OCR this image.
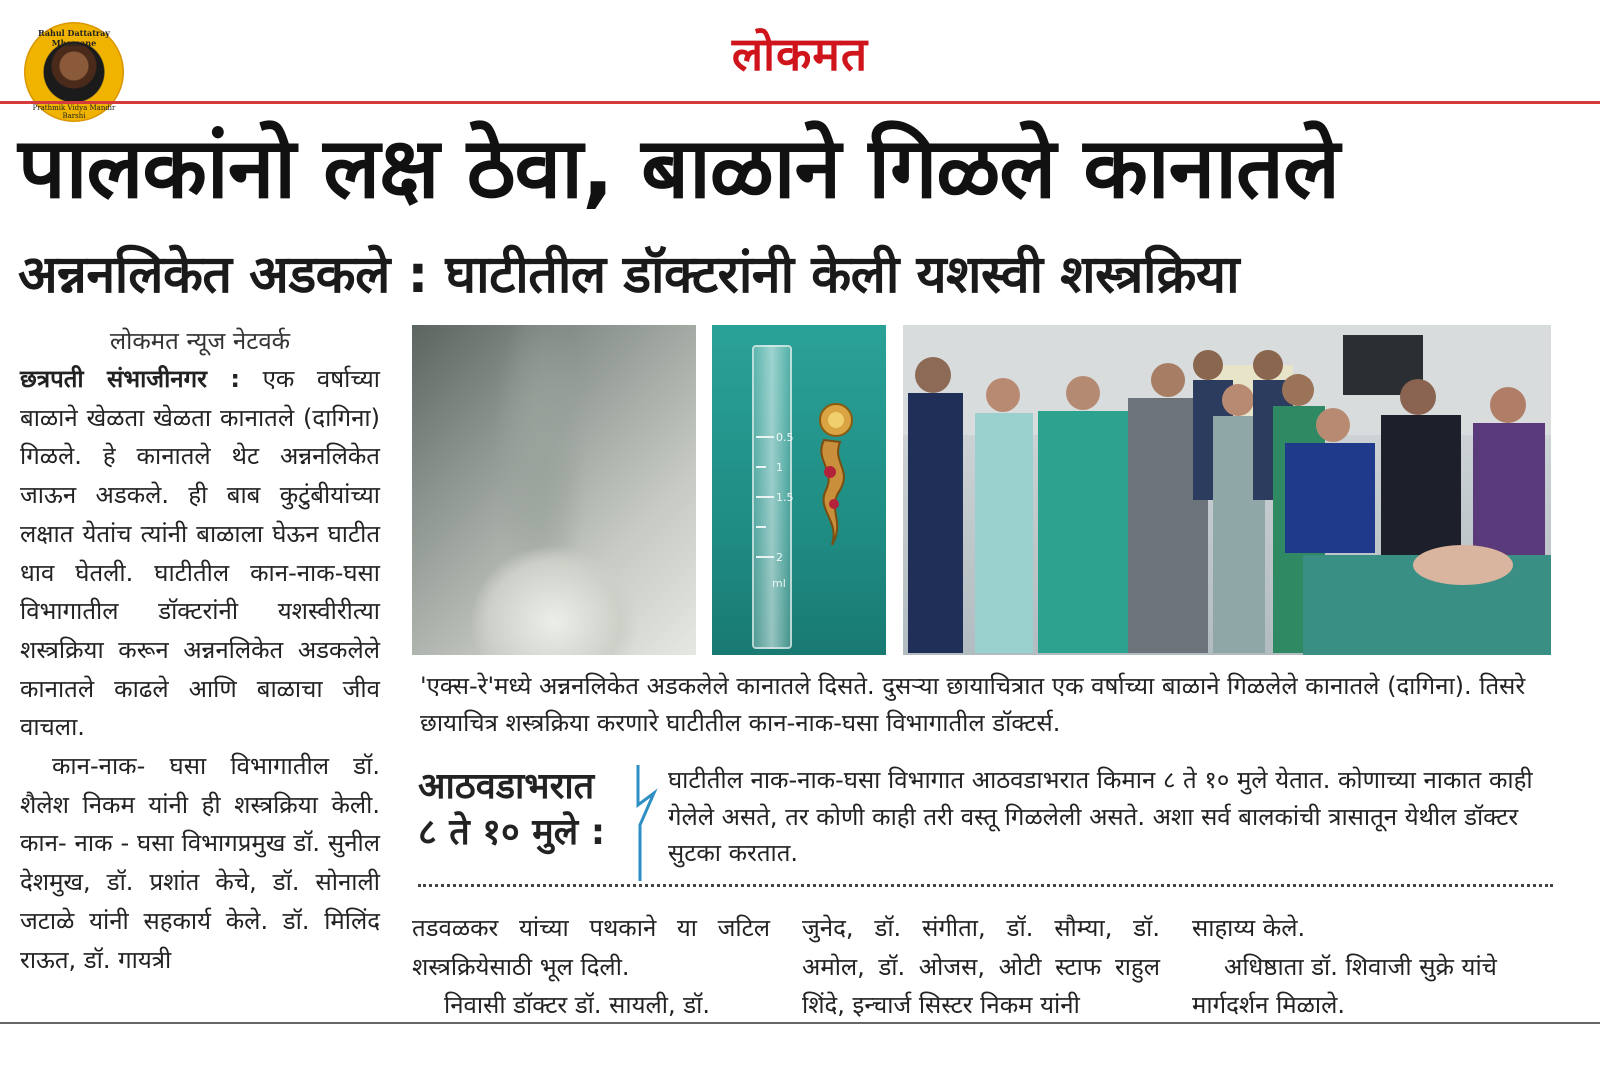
Rahul Dattatray Mhamane
Prathmik Vidya Mandir Barshi
लोकमत
पालकांनो लक्ष ठेवा, बाळाने गिळले कानातले
अन्ननलिकेत अडकले : घाटीतील डॉक्टरांनी केली यशस्वी शस्त्रक्रिया
लोकमत न्यूज नेटवर्क
छत्रपती संभाजीनगर : एक वर्षाच्या बाळाने खेळता खेळता कानातले (दागिना) गिळले. हे कानातले थेट अन्ननलिकेत जाऊन अडकले. ही बाब कुटुंबीयांच्या लक्षात येतांच त्यांनी बाळाला घेऊन घाटीत धाव घेतली. घाटीतील कान-नाक-घसा विभागातील डॉक्टरांनी यशस्वीरीत्या शस्त्रक्रिया करून अन्ननलिकेत अडकलेले कानातले काढले आणि बाळाचा जीव वाचला.
कान-नाक- घसा विभागातील डॉ. शैलेश निकम यांनी ही शस्त्रक्रिया केली. कान- नाक - घसा विभागप्रमुख डॉ. सुनील देशमुख, डॉ. प्रशांत केचे, डॉ. सोनाली जटाळे यांनी सहकार्य केले. डॉ. मिलिंद राऊत, डॉ. गायत्री
0.5
1
1.5
2
ml
'एक्स-रे'मध्ये अन्ननलिकेत अडकलेले कानातले दिसते. दुसऱ्या छायाचित्रात एक वर्षाच्या बाळाने गिळलेले कानातले (दागिना). तिसरे छायाचित्र शस्त्रक्रिया करणारे घाटीतील कान-नाक-घसा विभागातील डॉक्टर्स.
आठवडाभरात
८ ते १० मुले :
घाटीतील नाक-नाक-घसा विभागात आठवडाभरात किमान ८ ते १० मुले येतात. कोणाच्या नाकात काही गेलेले असते, तर कोणी काही तरी वस्तू गिळलेली असते. अशा सर्व बालकांची त्रासातून येथील डॉक्टर सुटका करतात.
तडवळकर यांच्या पथकाने या जटिल शस्त्रक्रियेसाठी भूल दिली.
निवासी डॉक्टर डॉ. सायली, डॉ.
जुनेद, डॉ. संगीता, डॉ. सौम्या, डॉ. अमोल, डॉ. ओजस, ओटी स्टाफ राहुल शिंदे, इन्चार्ज सिस्टर निकम यांनी
साहाय्य केले.
अधिष्ठाता डॉ. शिवाजी सुक्रे यांचे मार्गदर्शन मिळाले.
